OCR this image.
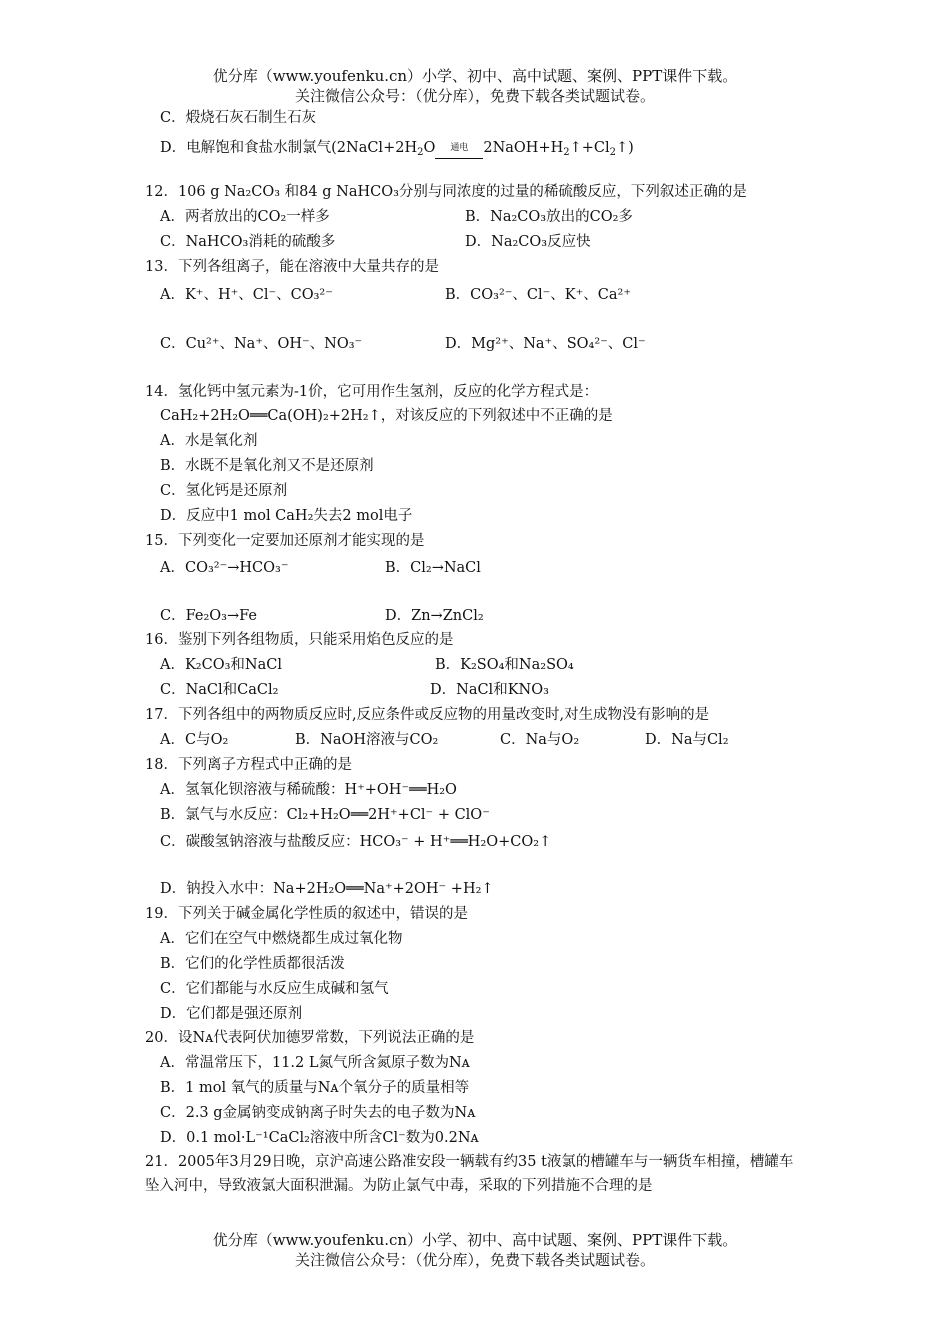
优分库（www.youfenku.cn）小学、初中、高中试题、案例、PPT课件下载。
关注微信公众号：（优分库），免费下载各类试题试卷。
C．煅烧石灰石制生石灰
D．电解饱和食盐水制氯气($2NaCl+2H_2O$ 通电 $2NaOH+H_2↑+Cl_2↑$)
12．106 g Na₂CO₃ 和84 g NaHCO₃分别与同浓度的过量的稀硫酸反应，下列叙述正确的是
A．两者放出的CO₂一样多	B．Na₂CO₃放出的CO₂多
C．NaHCO₃消耗的硫酸多	D．Na₂CO₃反应快
13．下列各组离子，能在溶液中大量共存的是
A．K⁺、H⁺、Cl⁻、CO₃²⁻	B．CO₃²⁻、Cl⁻、K⁺、Ca²⁺
C．Cu²⁺、Na⁺、OH⁻、NO₃⁻	D．Mg²⁺、Na⁺、SO₄²⁻、Cl⁻
14．氢化钙中氢元素为-1价，它可用作生氢剂，反应的化学方程式是：
CaH₂+2H₂O══Ca(OH)₂+2H₂↑，对该反应的下列叙述中不正确的是
A．水是氧化剂
B．水既不是氧化剂又不是还原剂
C．氢化钙是还原剂
D．反应中1 mol CaH₂失去2 mol电子
15．下列变化一定要加还原剂才能实现的是
A．CO₃²⁻→HCO₃⁻	B．Cl₂→NaCl
C．Fe₂O₃→Fe	D．Zn→ZnCl₂
16．鉴别下列各组物质，只能采用焰色反应的是
A．K₂CO₃和NaCl	B．K₂SO₄和Na₂SO₄
C．NaCl和CaCl₂	D．NaCl和KNO₃
17．下列各组中的两物质反应时,反应条件或反应物的用量改变时,对生成物没有影响的是
A．C与O₂	B．NaOH溶液与CO₂	C．Na与O₂	D．Na与Cl₂
18．下列离子方程式中正确的是
A．氢氧化钡溶液与稀硫酸：H⁺+OH⁻══H₂O
B．氯气与水反应：Cl₂+H₂O══2H⁺+Cl⁻ + ClO⁻
C．碳酸氢钠溶液与盐酸反应：HCO₃⁻ + H⁺══H₂O+CO₂↑
D．钠投入水中：Na+2H₂O══Na⁺+2OH⁻ +H₂↑
19．下列关于碱金属化学性质的叙述中，错误的是
A．它们在空气中燃烧都生成过氧化物
B．它们的化学性质都很活泼
C．它们都能与水反应生成碱和氢气
D．它们都是强还原剂
20．设Nᴀ代表阿伏加德罗常数，下列说法正确的是
A．常温常压下，11.2 L氮气所含氮原子数为Nᴀ
B．1 mol 氧气的质量与Nᴀ个氧分子的质量相等
C．2.3 g金属钠变成钠离子时失去的电子数为Nᴀ
D．0.1 mol·L⁻¹CaCl₂溶液中所含Cl⁻数为0.2Nᴀ
21．2005年3月29日晚，京沪高速公路准安段一辆载有约35 t液氯的槽罐车与一辆货车相撞，槽罐车坠入河中，导致液氯大面积泄漏。为防止氯气中毒，采取的下列措施不合理的是
优分库（www.youfenku.cn）小学、初中、高中试题、案例、PPT课件下载。
关注微信公众号：（优分库），免费下载各类试题试卷。
